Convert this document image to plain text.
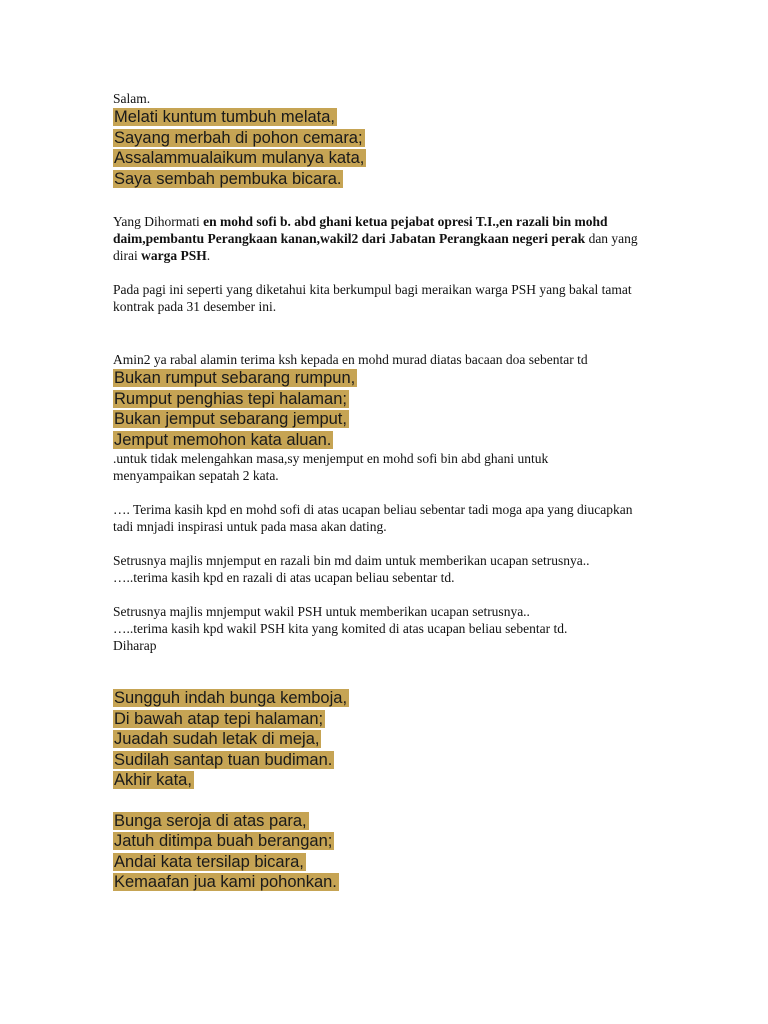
Salam.

Melati kuntum tumbuh melata,
Sayang merbah di pohon cemara;
Assalammualaikum mulanya kata,
Saya sembah pembuka bicara.

Yang Dihormati en mohd sofi b. abd ghani ketua pejabat opresi T.I.,en razali bin mohd daim,pembantu Perangkaan kanan,wakil2 dari Jabatan Perangkaan negeri perak dan yang dirai warga PSH.

Pada pagi ini seperti yang diketahui kita berkumpul bagi meraikan warga PSH yang bakal tamat kontrak pada 31 desember ini.

Amin2 ya rabal alamin terima ksh kepada en mohd murad diatas bacaan doa sebentar td

Bukan rumput sebarang rumpun,
Rumput penghias tepi halaman;
Bukan jemput sebarang jemput,
Jemput memohon kata aluan.

.untuk tidak melengahkan masa,sy menjemput en mohd sofi bin abd ghani untuk menyampaikan sepatah 2 kata.

…. Terima kasih kpd en mohd sofi di atas ucapan beliau sebentar tadi moga apa yang diucapkan tadi mnjadi inspirasi untuk pada masa akan dating.

Setrusnya majlis mnjemput en razali bin md daim untuk memberikan ucapan setrusnya..

…..terima kasih kpd en razali di atas ucapan beliau sebentar td.

Setrusnya majlis mnjemput wakil PSH untuk memberikan ucapan setrusnya..

…..terima kasih kpd wakil PSH kita yang komited di atas ucapan beliau sebentar td.

Diharap

Sungguh indah bunga kemboja,
Di bawah atap tepi halaman;
Juadah sudah letak di meja,
Sudilah santap tuan budiman.
Akhir kata,
Bunga seroja di atas para,
Jatuh ditimpa buah berangan;
Andai kata tersilap bicara,
Kemaafan jua kami pohonkan.
